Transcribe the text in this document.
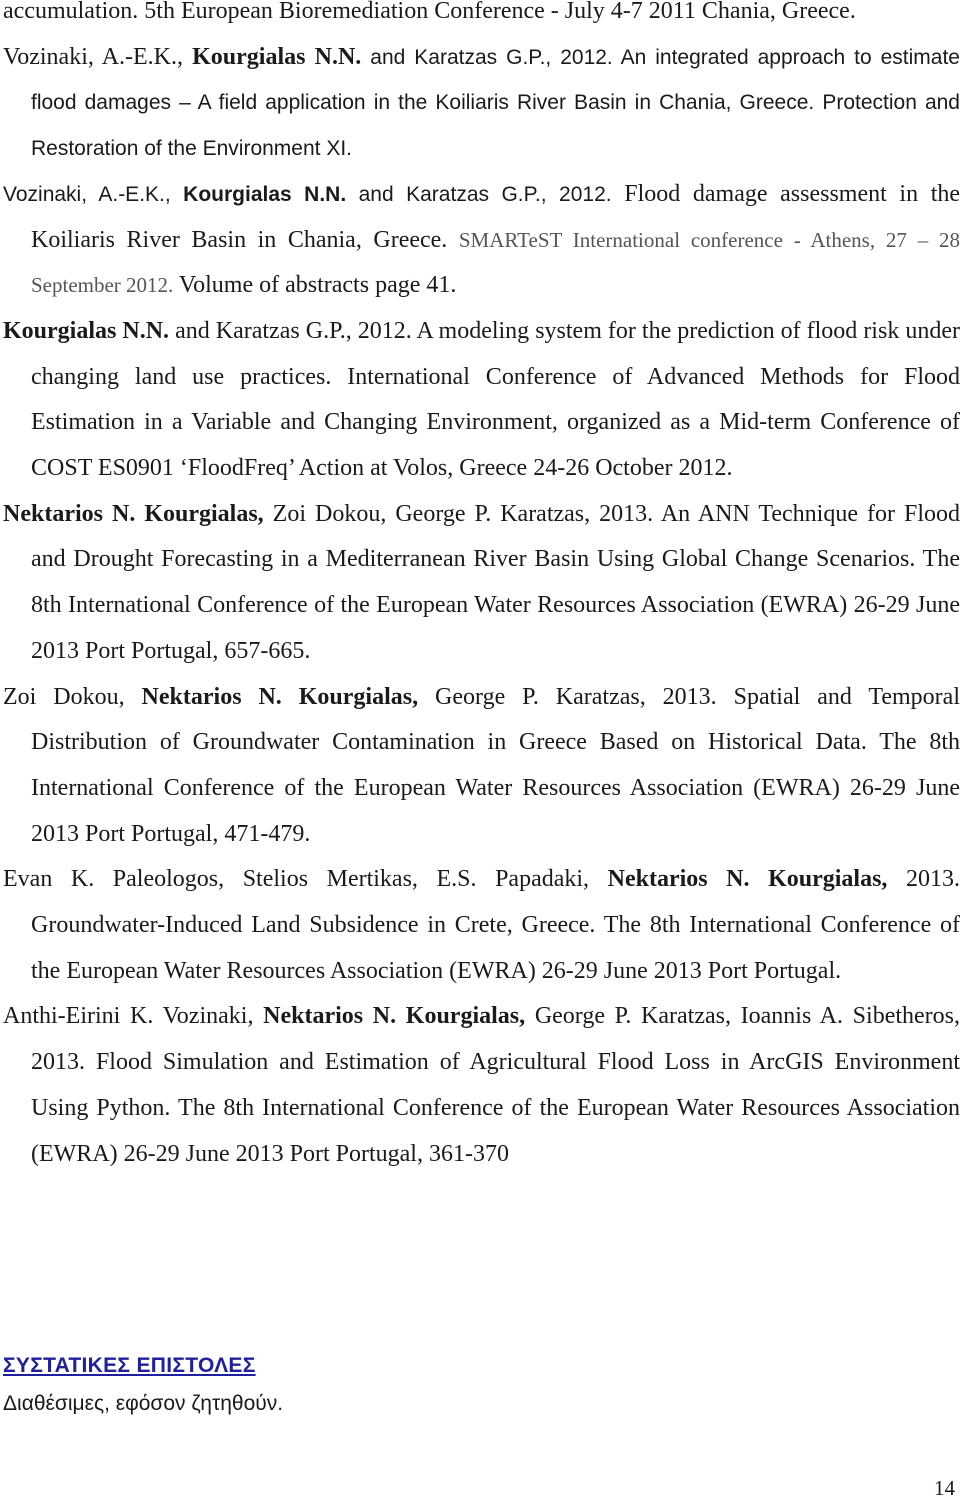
accumulation. 5th European Bioremediation Conference - July 4-7 2011 Chania, Greece.

Vozinaki, A.-E.K., Kourgialas N.N. and Karatzas G.P., 2012. An integrated approach to estimate flood damages – A field application in the Koiliaris River Basin in Chania, Greece. Protection and Restoration of the Environment XI.

Vozinaki, A.-E.K., Kourgialas N.N. and Karatzas G.P., 2012. Flood damage assessment in the Koiliaris River Basin in Chania, Greece. SMARTeST International conference - Athens, 27 – 28 September 2012. Volume of abstracts page 41.

Kourgialas N.N. and Karatzas G.P., 2012. A modeling system for the prediction of flood risk under changing land use practices. International Conference of Advanced Methods for Flood Estimation in a Variable and Changing Environment, organized as a Mid-term Conference of COST ES0901 ‘FloodFreq’ Action at Volos, Greece 24-26 October 2012.

Nektarios N. Kourgialas, Zoi Dokou, George P. Karatzas, 2013. An ANN Technique for Flood and Drought Forecasting in a Mediterranean River Basin Using Global Change Scenarios. The 8th International Conference of the European Water Resources Association (EWRA) 26-29 June 2013 Port Portugal, 657-665.

Zoi Dokou, Nektarios N. Kourgialas, George P. Karatzas, 2013. Spatial and Temporal Distribution of Groundwater Contamination in Greece Based on Historical Data. The 8th International Conference of the European Water Resources Association (EWRA) 26-29 June 2013 Port Portugal, 471-479.

Evan K. Paleologos, Stelios Mertikas, E.S. Papadaki, Nektarios N. Kourgialas, 2013. Groundwater-Induced Land Subsidence in Crete, Greece. The 8th International Conference of the European Water Resources Association (EWRA) 26-29 June 2013 Port Portugal.

Anthi-Eirini K. Vozinaki, Nektarios N. Kourgialas, George P. Karatzas, Ioannis A. Sibetheros, 2013. Flood Simulation and Estimation of Agricultural Flood Loss in ArcGIS Environment Using Python. The 8th International Conference of the European Water Resources Association (EWRA) 26-29 June 2013 Port Portugal, 361-370

ΣΥΣΤΑΤΙΚΕΣ ΕΠΙΣΤΟΛΕΣ

Διαθέσιμες, εφόσον ζητηθούν.

14
